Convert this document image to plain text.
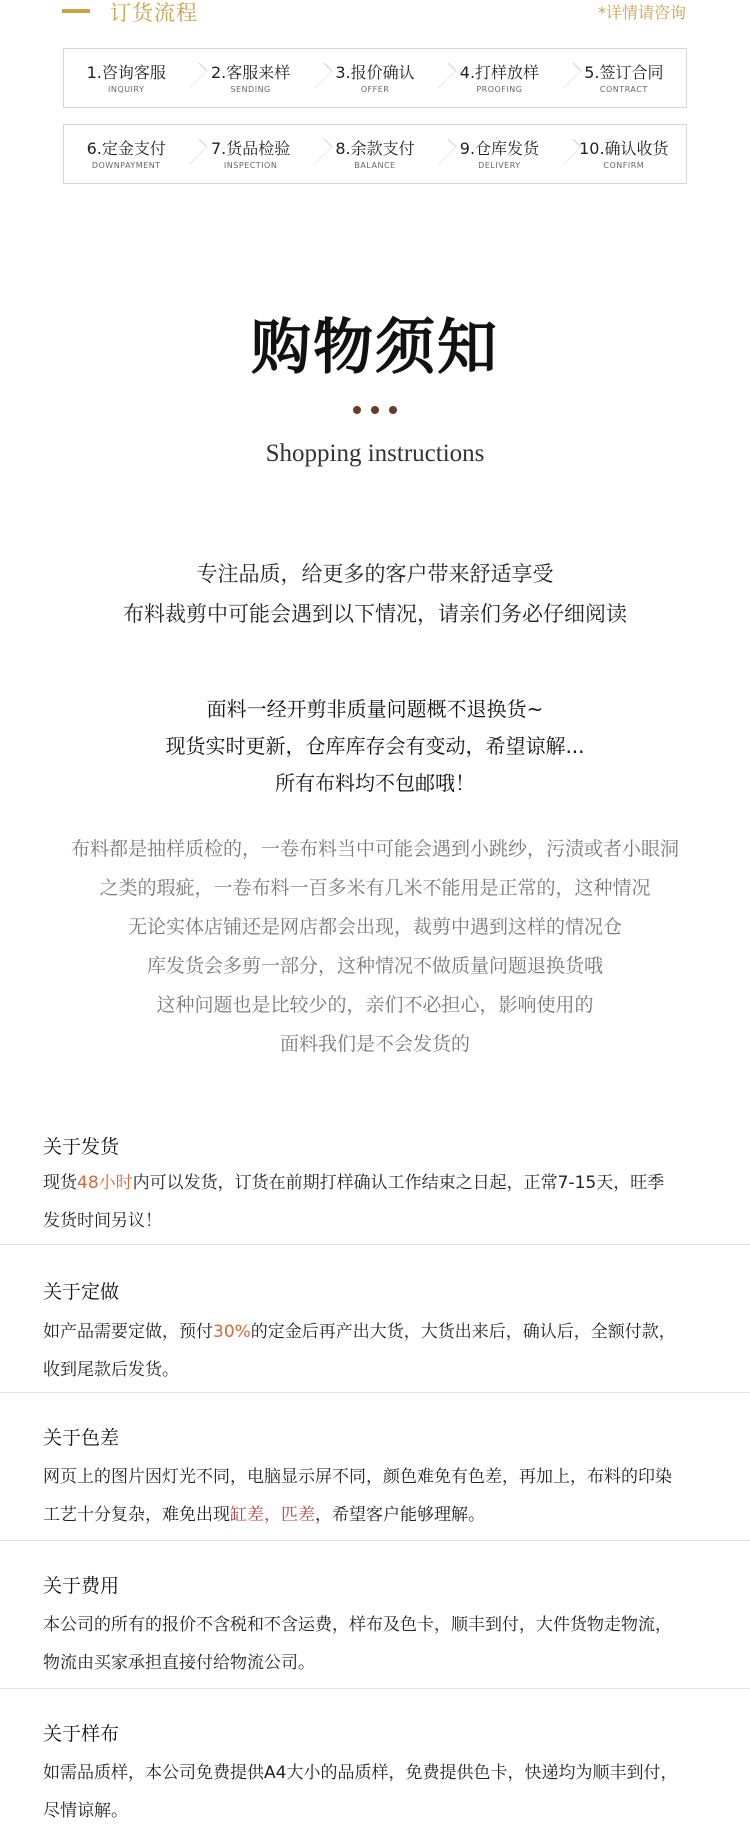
订货流程	*详情请咨询
1.咨询客服
INQUIRY
2.客服来样
SENDING
3.报价确认
OFFER
4.打样放样
PROOFING
5.签订合同
CONTRACT
6.定金支付
DOWNPAYMENT
7.货品检验
INSPECTION
8.余款支付
BALANCE
9.仓库发货
DELIVERY
10.确认收货
CONFIRM
购物须知
Shopping instructions
专注品质，给更多的客户带来舒适享受
布料裁剪中可能会遇到以下情况，请亲们务必仔细阅读
面料一经开剪非质量问题概不退换货~
现货实时更新，仓库库存会有变动，希望谅解...
所有布料均不包邮哦！
布料都是抽样质检的，一卷布料当中可能会遇到小跳纱，污渍或者小眼洞
之类的瑕疵，一卷布料一百多米有几米不能用是正常的，这种情况
无论实体店铺还是网店都会出现，裁剪中遇到这样的情况仓
库发货会多剪一部分，这种情况不做质量问题退换货哦
这种问题也是比较少的，亲们不必担心，影响使用的
面料我们是不会发货的
关于发货
现货48小时内可以发货，订货在前期打样确认工作结束之日起，正常7-15天，旺季
发货时间另议！
关于定做
如产品需要定做，预付30%的定金后再产出大货，大货出来后，确认后，全额付款，
收到尾款后发货。
关于色差
网页上的图片因灯光不同，电脑显示屏不同，颜色难免有色差，再加上，布料的印染
工艺十分复杂，难免出现缸差，匹差，希望客户能够理解。
关于费用
本公司的所有的报价不含税和不含运费，样布及色卡，顺丰到付，大件货物走物流，
物流由买家承担直接付给物流公司。
关于样布
如需品质样，本公司免费提供A4大小的品质样，免费提供色卡，快递均为顺丰到付，
尽情谅解。
